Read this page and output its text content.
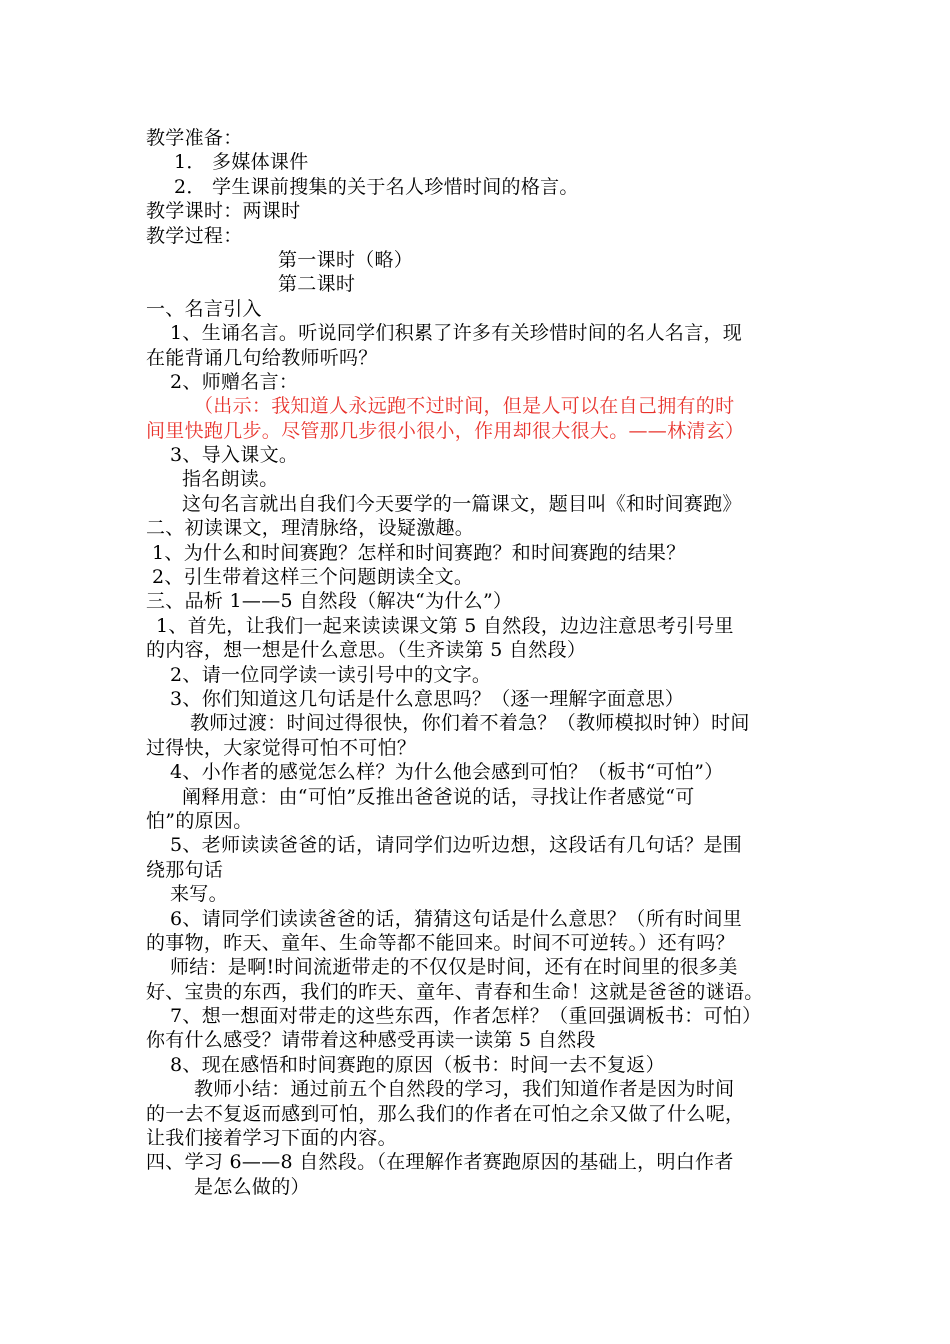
教学准备：
1． 多媒体课件
2． 学生课前搜集的关于名人珍惜时间的格言。
教学课时：两课时
教学过程：
第一课时（略）
第二课时
一、名言引入
1、生诵名言。听说同学们积累了许多有关珍惜时间的名人名言，现
在能背诵几句给教师听吗？
2、师赠名言：
（出示：我知道人永远跑不过时间，但是人可以在自己拥有的时
间里快跑几步。尽管那几步很小很小，作用却很大很大。——林清玄）
3、导入课文。
指名朗读。
这句名言就出自我们今天要学的一篇课文，题目叫《和时间赛跑》
二、初读课文，理清脉络，设疑激趣。
1、为什么和时间赛跑？怎样和时间赛跑？和时间赛跑的结果？
2、引生带着这样三个问题朗读全文。
三、品析 1——5 自然段（解决“为什么”）
1、首先，让我们一起来读读课文第 5 自然段，边边注意思考引号里
的内容，想一想是什么意思。（生齐读第 5 自然段）
2、请一位同学读一读引号中的文字。
3、你们知道这几句话是什么意思吗？（逐一理解字面意思）
教师过渡：时间过得很快，你们着不着急？（教师模拟时钟）时间
过得快，大家觉得可怕不可怕？
4、小作者的感觉怎么样？为什么他会感到可怕？（板书“可怕”）
阐释用意：由“可怕”反推出爸爸说的话，寻找让作者感觉“可
怕”的原因。
5、老师读读爸爸的话，请同学们边听边想，这段话有几句话？是围
绕那句话
来写。
6、请同学们读读爸爸的话，猜猜这句话是什么意思？（所有时间里
的事物，昨天、童年、生命等都不能回来。时间不可逆转。）还有吗？
师结：是啊!时间流逝带走的不仅仅是时间，还有在时间里的很多美
好、宝贵的东西，我们的昨天、童年、青春和生命！这就是爸爸的谜语。
7、想一想面对带走的这些东西，作者怎样？（重回强调板书：可怕）
你有什么感受？请带着这种感受再读一读第 5 自然段
8、现在感悟和时间赛跑的原因（板书：时间一去不复返）
教师小结：通过前五个自然段的学习，我们知道作者是因为时间
的一去不复返而感到可怕，那么我们的作者在可怕之余又做了什么呢，
让我们接着学习下面的内容。
四、学习 6——8 自然段。（在理解作者赛跑原因的基础上，明白作者
是怎么做的）
